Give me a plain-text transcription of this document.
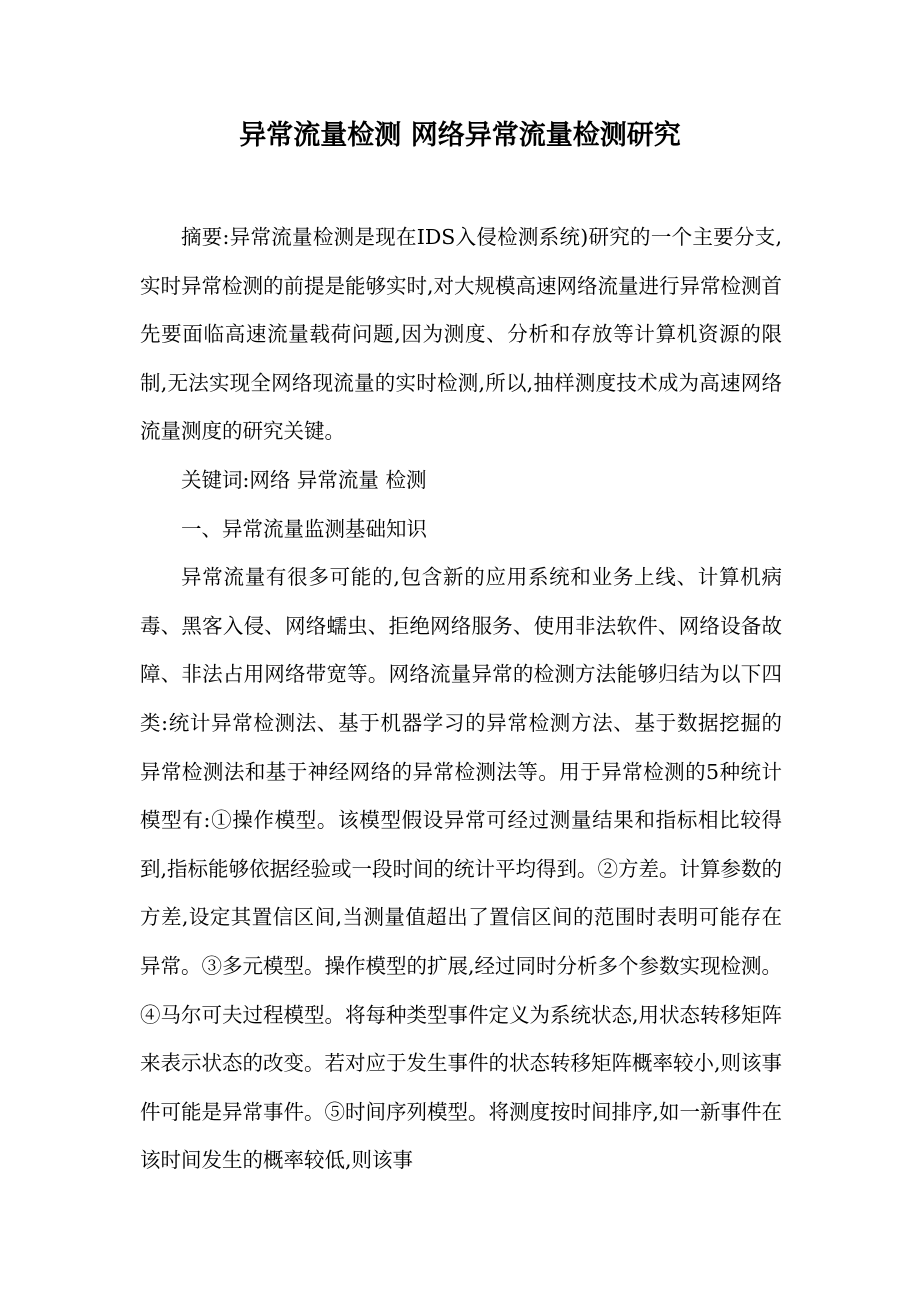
异常流量检测 网络异常流量检测研究

摘要:异常流量检测是现在IDS入侵检测系统)研究的一个主要分支,实时异常检测的前提是能够实时,对大规模高速网络流量进行异常检测首先要面临高速流量载荷问题,因为测度、分析和存放等计算机资源的限制,无法实现全网络现流量的实时检测,所以,抽样测度技术成为高速网络流量测度的研究关键。

关键词:网络 异常流量 检测

一、异常流量监测基础知识

异常流量有很多可能的,包含新的应用系统和业务上线、计算机病毒、黑客入侵、网络蠕虫、拒绝网络服务、使用非法软件、网络设备故障、非法占用网络带宽等。网络流量异常的检测方法能够归结为以下四类:统计异常检测法、基于机器学习的异常检测方法、基于数据挖掘的异常检测法和基于神经网络的异常检测法等。用于异常检测的5种统计模型有:①操作模型。该模型假设异常可经过测量结果和指标相比较得到,指标能够依据经验或一段时间的统计平均得到。②方差。计算参数的方差,设定其置信区间,当测量值超出了置信区间的范围时表明可能存在异常。③多元模型。操作模型的扩展,经过同时分析多个参数实现检测。④马尔可夫过程模型。将每种类型事件定义为系统状态,用状态转移矩阵来表示状态的改变。若对应于发生事件的状态转移矩阵概率较小,则该事件可能是异常事件。⑤时间序列模型。将测度按时间排序,如一新事件在该时间发生的概率较低,则该事
